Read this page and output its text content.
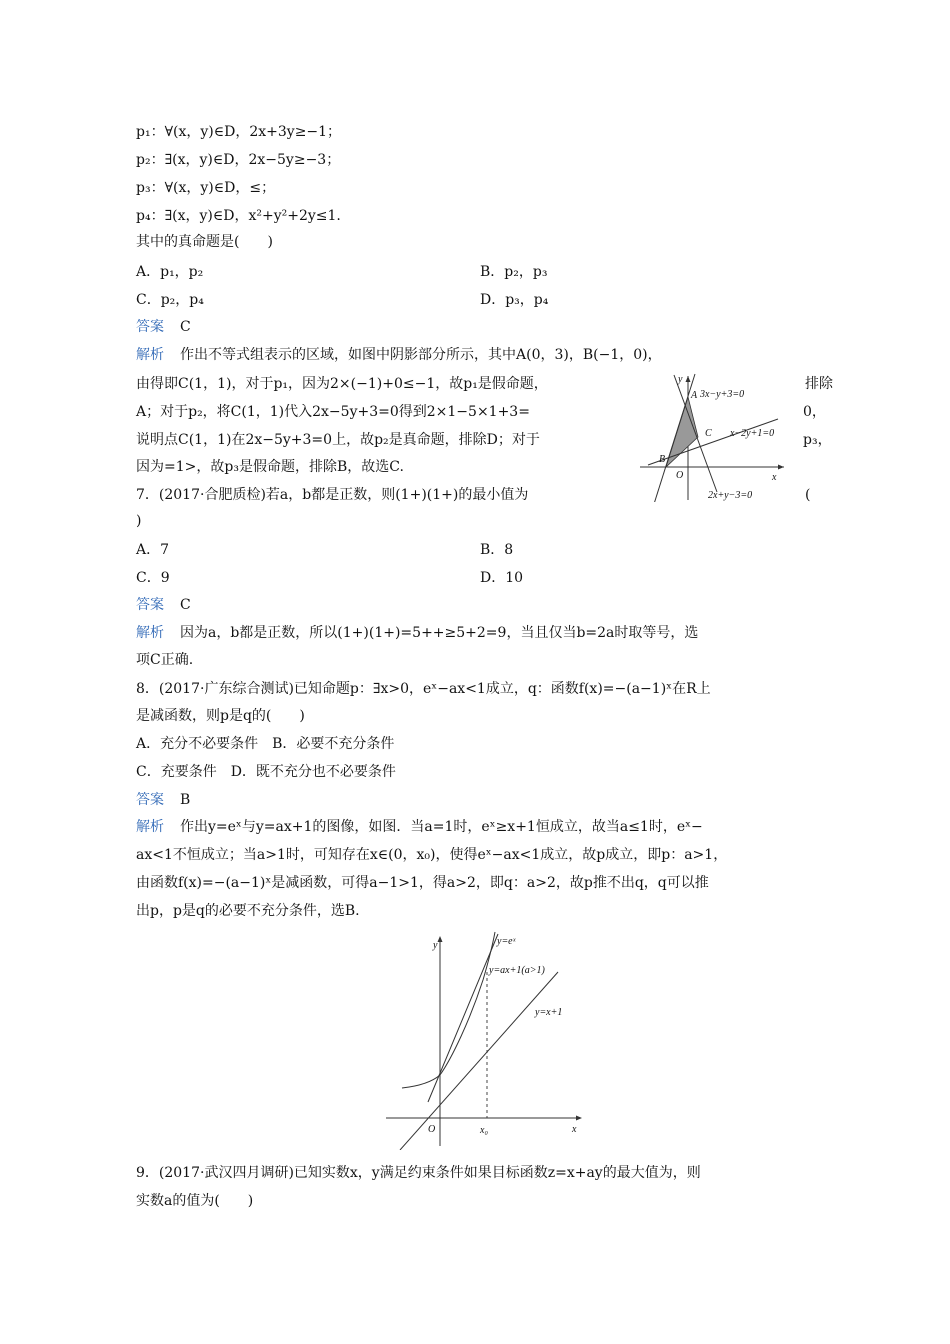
p₁：∀(x，y)∈D，2x+3y≥−1；
p₂：∃(x，y)∈D，2x−5y≥−3；
p₃：∀(x，y)∈D，≤；
p₄：∃(x，y)∈D，x²+y²+2y≤1.
其中的真命题是(　　)
A．p₁，p₂	B．p₂，p₃
C．p₂，p₄	D．p₃，p₄
答案 C
解析 作出不等式组表示的区域，如图中阴影部分所示，其中A(0，3)，B(−1，0)，
由得即C(1，1)，对于p₁，因为2×(−1)+0≤−1，故p₁是假命题，	排除
A；对于p₂，将C(1，1)代入2x−5y+3=0得到2×1−5×1+3=	0，
说明点C(1，1)在2x−5y+3=0上，故p₂是真命题，排除D；对于	p₃，
因为=1>，故p₃是假命题，排除B，故选C.
y
x
O
B
C
A 3x−y+3=0
x−2y+1=0
2x+y−3=0
7．(2017·合肥质检)若a，b都是正数，则(1+)(1+)的最小值为	(
)
A．7	B．8
C．9	D．10
答案 C
解析 因为a，b都是正数，所以(1+)(1+)=5++≥5+2=9，当且仅当b=2a时取等号，选
项C正确.
8．(2017·广东综合测试)已知命题p：∃x>0，eˣ−ax<1成立，q：函数f(x)=−(a−1)ˣ在R上
是减函数，则p是q的(　　)
A．充分不必要条件　B．必要不充分条件
C．充要条件　D．既不充分也不必要条件
答案 B
解析 作出y=eˣ与y=ax+1的图像，如图．当a=1时，eˣ≥x+1恒成立，故当a≤1时，eˣ−
ax<1不恒成立；当a>1时，可知存在x∈(0，x₀)，使得eˣ−ax<1成立，故p成立，即p：a>1，
由函数f(x)=−(a−1)ˣ是减函数，可得a−1>1，得a>2，即q：a>2，故p推不出q，q可以推
出p，p是q的必要不充分条件，选B.
y
x
O	x₀
y=eˣ
y=ax+1(a>1)
y=x+1
9．(2017·武汉四月调研)已知实数x，y满足约束条件如果目标函数z=x+ay的最大值为，则
实数a的值为(　　)
